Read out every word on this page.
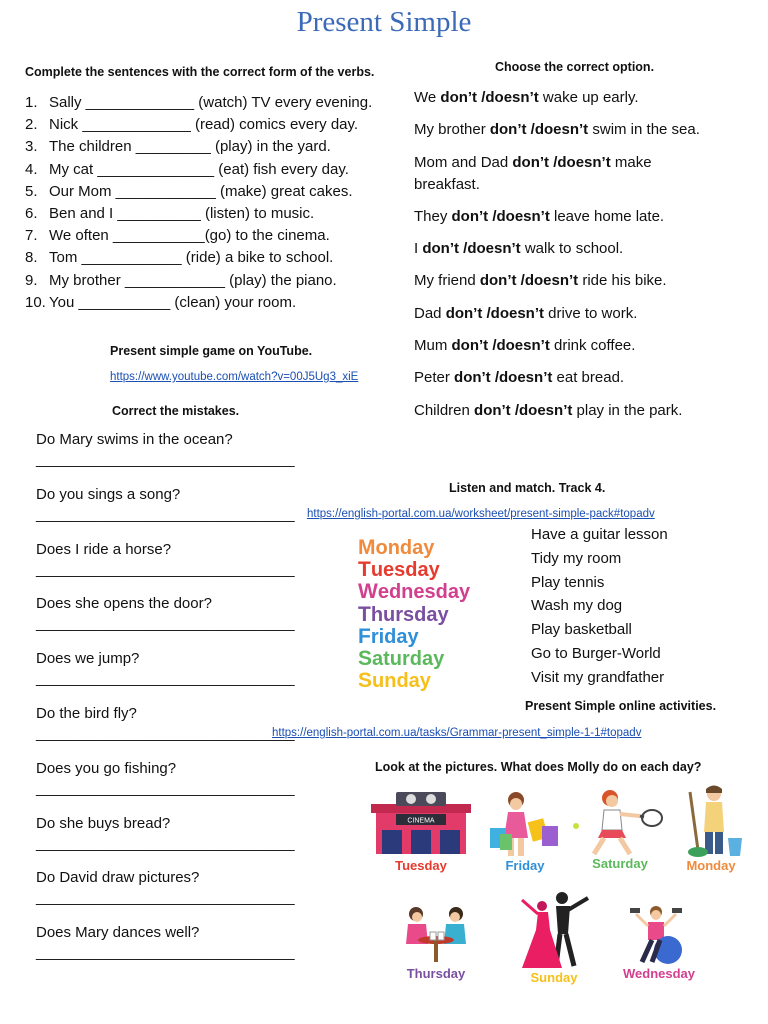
Present Simple
Complete the sentences with the correct form of the verbs.
1. Sally _____________ (watch) TV every evening.
2. Nick _____________ (read) comics every day.
3. The children _________ (play) in the yard.
4. My cat ______________ (eat) fish every day.
5. Our Mom ____________ (make) great cakes.
6. Ben and I __________ (listen) to music.
7. We often ___________(go) to the cinema.
8. Tom ____________ (ride) a bike to school.
9. My brother ____________ (play) the piano.
10. You ___________ (clean) your room.
Present simple game on YouTube.
https://www.youtube.com/watch?v=00J5Ug3_xiE
Choose the correct option.
We don’t /doesn’t wake up early.
My brother don’t /doesn’t swim in the sea.
Mom and Dad don’t /doesn’t make
breakfast.
They don’t /doesn’t leave home late.
I don’t /doesn’t walk to school.
My friend don’t /doesn’t ride his bike.
Dad don’t /doesn’t drive to work.
Mum don’t /doesn’t drink coffee.
Peter don’t /doesn’t eat bread.
Children don’t /doesn’t play in the park.
Correct the mistakes.
Do Mary swims in the ocean?
_______________________________
Do you sings a song?
_______________________________
Does I ride a horse?
_______________________________
Does she opens the door?
_______________________________
Does we jump?
_______________________________
Do the bird fly?
_______________________________
Does you go fishing?
_______________________________
Do she buys bread?
_______________________________
Do David draw pictures?
_______________________________
Does Mary dances well?
_______________________________
Listen and match. Track 4.
https://english-portal.com.ua/worksheet/present-simple-pack#topadv
Monday
Tuesday
Wednesday
Thursday
Friday
Saturday
Sunday
Have a guitar lesson
Tidy my room
Play tennis
Wash my dog
Play basketball
Go to Burger-World
Visit my grandfather
Present Simple online activities.
https://english-portal.com.ua/tasks/Grammar-present_simple-1-1#topadv
Look at the pictures. What does Molly do on each day?
CINEMA
Tuesday	Friday	Saturday	Monday
Thursday	Sunday	Wednesday
